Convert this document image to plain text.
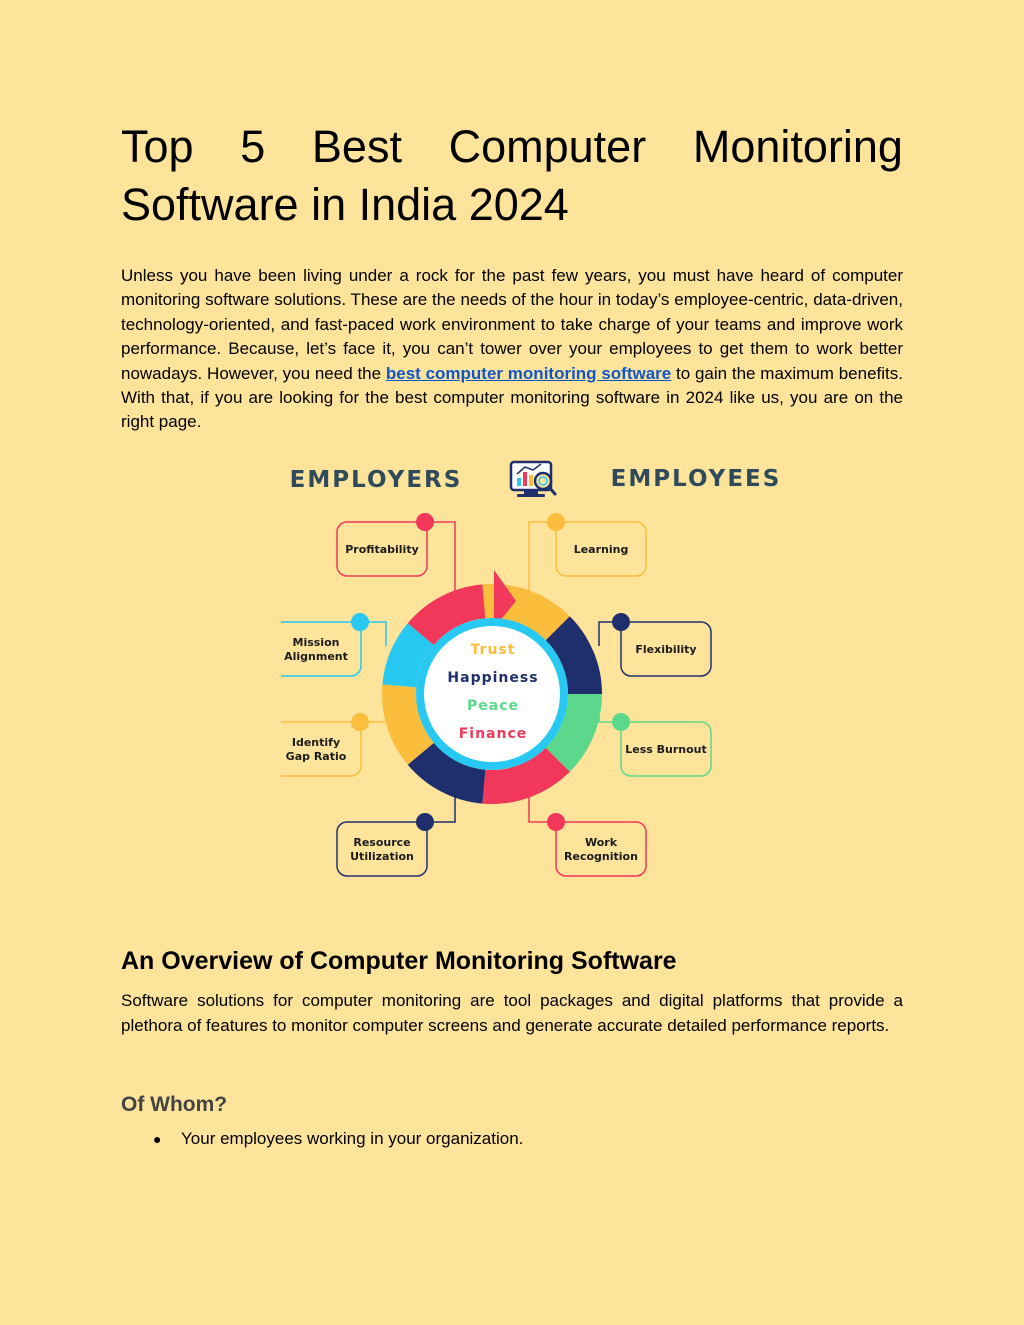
Top 5 Best Computer Monitoring
Software in India 2024

Unless you have been living under a rock for the past few years, you must have heard of computer monitoring software solutions. These are the needs of the hour in today’s employee-centric, data-driven, technology-oriented, and fast-paced work environment to take charge of your teams and improve work performance. Because, let’s face it, you can’t tower over your employees to get them to work better nowadays. However, you need the best computer monitoring software to gain the maximum benefits. With that, if you are looking for the best computer monitoring software in 2024 like us, you are on the right page.

EMPLOYERS	EMPLOYEES
Profitability
Mission
Alignment
Identify
Gap Ratio
Resource
Utilization
Learning
Flexibility
Less Burnout
Work
Recognition
Trust
Happiness
Peace
Finance
An Overview of Computer Monitoring Software

Software solutions for computer monitoring are tool packages and digital platforms that provide a plethora of features to monitor computer screens and generate accurate detailed performance reports.

Of Whom?
● Your employees working in your organization.
